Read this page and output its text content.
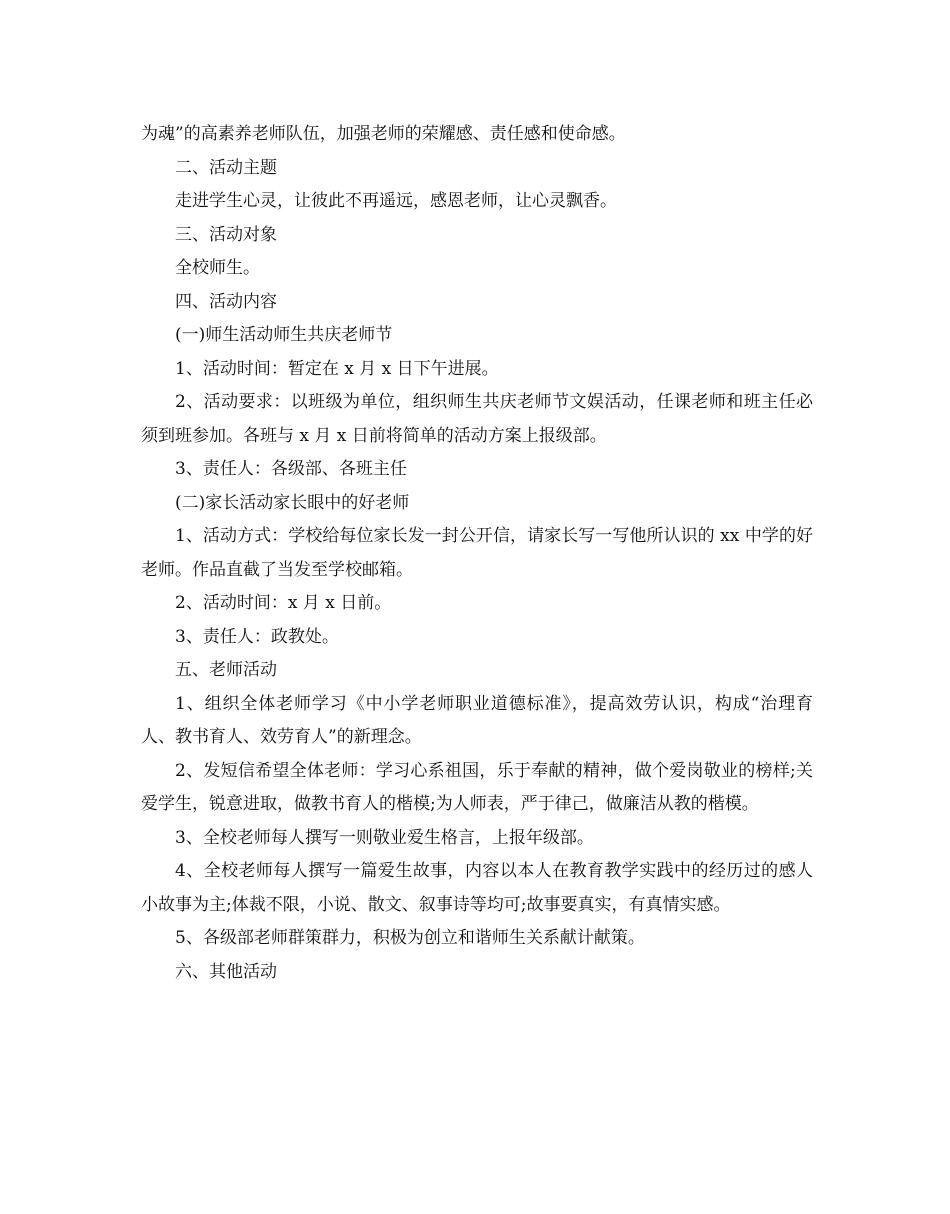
为魂”的高素养老师队伍，加强老师的荣耀感、责任感和使命感。

二、活动主题

走进学生心灵，让彼此不再遥远，感恩老师，让心灵飘香。

三、活动对象

全校师生。

四、活动内容

(一)师生活动师生共庆老师节

1、活动时间：暂定在 x 月 x 日下午进展。

2、活动要求：以班级为单位，组织师生共庆老师节文娱活动，任课老师和班主任必须到班参加。各班与 x 月 x 日前将简单的活动方案上报级部。

3、责任人：各级部、各班主任

(二)家长活动家长眼中的好老师

1、活动方式：学校给每位家长发一封公开信，请家长写一写他所认识的 xx 中学的好老师。作品直截了当发至学校邮箱。

2、活动时间：x 月 x 日前。

3、责任人：政教处。

五、老师活动

1、组织全体老师学习《中小学老师职业道德标准》，提高效劳认识，构成“治理育人、教书育人、效劳育人”的新理念。

2、发短信希望全体老师：学习心系祖国，乐于奉献的精神，做个爱岗敬业的榜样;关爱学生，锐意进取，做教书育人的楷模;为人师表，严于律己，做廉洁从教的楷模。

3、全校老师每人撰写一则敬业爱生格言，上报年级部。

4、全校老师每人撰写一篇爱生故事，内容以本人在教育教学实践中的经历过的感人小故事为主;体裁不限，小说、散文、叙事诗等均可;故事要真实，有真情实感。

5、各级部老师群策群力，积极为创立和谐师生关系献计献策。

六、其他活动
